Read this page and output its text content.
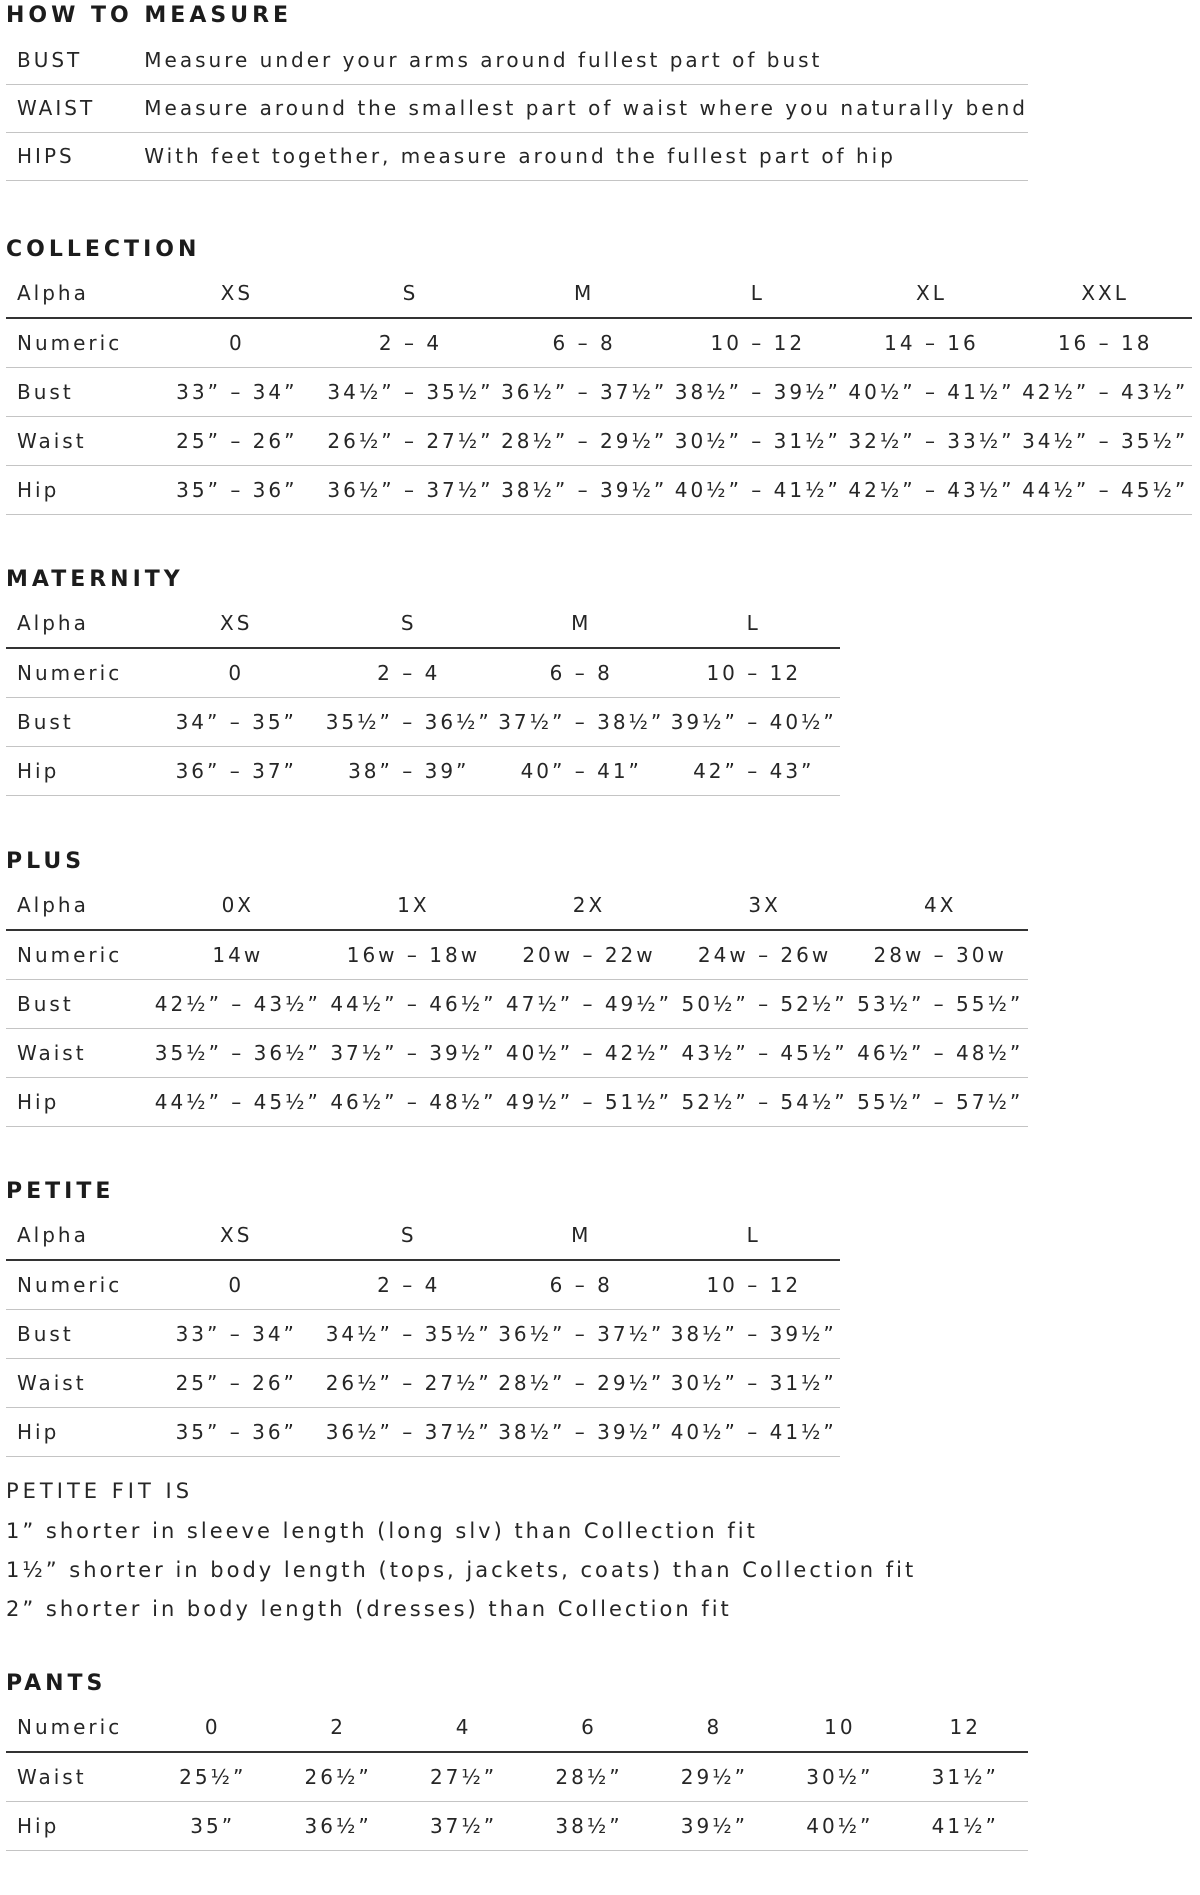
HOW TO MEASURE
BUST	Measure under your arms around fullest part of bust
WAIST	Measure around the smallest part of waist where you naturally bend
HIPS	With feet together, measure around the fullest part of hip
COLLECTION
Alpha	XS	S	M	L	XL	XXL
Numeric	0	2 – 4	6 – 8	10 – 12	14 – 16	16 – 18
Bust	33” – 34”	34½” – 35½”	36½” – 37½”	38½” – 39½”	40½” – 41½”	42½” – 43½”
Waist	25” – 26”	26½” – 27½”	28½” – 29½”	30½” – 31½”	32½” – 33½”	34½” – 35½”
Hip	35” – 36”	36½” – 37½”	38½” – 39½”	40½” – 41½”	42½” – 43½”	44½” – 45½”
MATERNITY
Alpha	XS	S	M	L
Numeric	0	2 – 4	6 – 8	10 – 12
Bust	34” – 35”	35½” – 36½”	37½” – 38½”	39½” – 40½”
Hip	36” – 37”	38” – 39”	40” – 41”	42” – 43”
PLUS
Alpha	0X	1X	2X	3X	4X
Numeric	14w	16w – 18w	20w – 22w	24w – 26w	28w – 30w
Bust	42½” – 43½”	44½” – 46½”	47½” – 49½”	50½” – 52½”	53½” – 55½”
Waist	35½” – 36½”	37½” – 39½”	40½” – 42½”	43½” – 45½”	46½” – 48½”
Hip	44½” – 45½”	46½” – 48½”	49½” – 51½”	52½” – 54½”	55½” – 57½”
PETITE
Alpha	XS	S	M	L
Numeric	0	2 – 4	6 – 8	10 – 12
Bust	33” – 34”	34½” – 35½”	36½” – 37½”	38½” – 39½”
Waist	25” – 26”	26½” – 27½”	28½” – 29½”	30½” – 31½”
Hip	35” – 36”	36½” – 37½”	38½” – 39½”	40½” – 41½”

PETITE FIT IS

1” shorter in sleeve length (long slv) than Collection fit

1½” shorter in body length (tops, jackets, coats) than Collection fit

2” shorter in body length (dresses) than Collection fit

PANTS
Numeric	0	2	4	6	8	10	12
Waist	25½”	26½”	27½”	28½”	29½”	30½”	31½”
Hip	35”	36½”	37½”	38½”	39½”	40½”	41½”
